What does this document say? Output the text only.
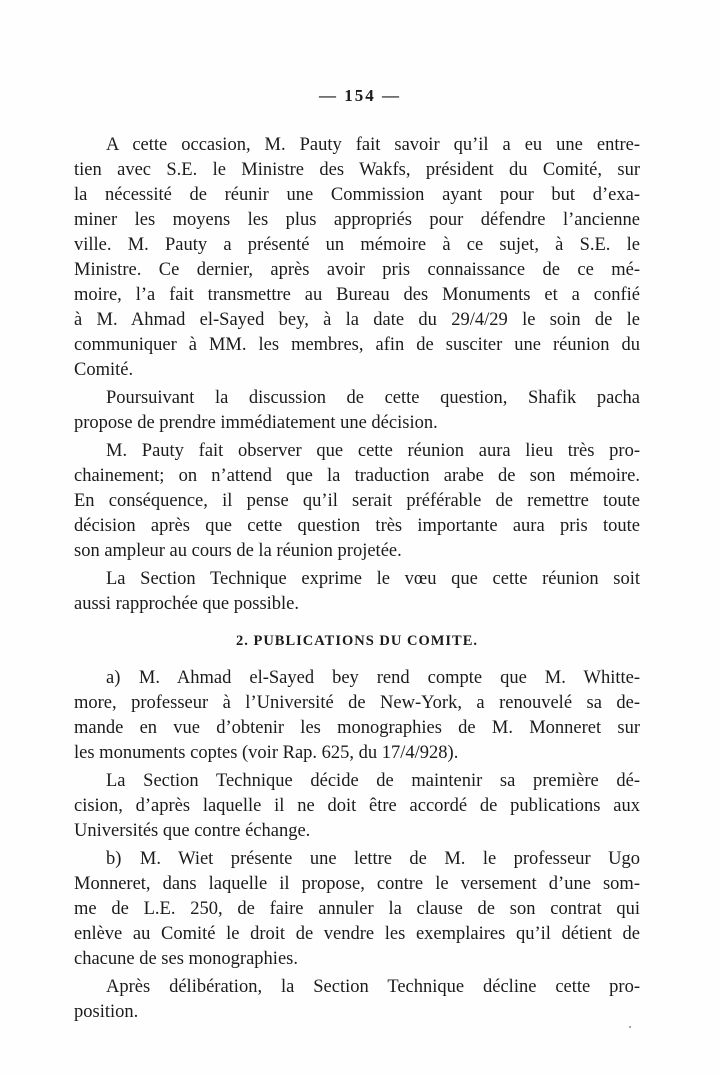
— 154 —
A cette occasion, M. Pauty fait savoir qu’il a eu une entre-
tien avec S.E. le Ministre des Wakfs, président du Comité, sur
la nécessité de réunir une Commission ayant pour but d’exa-
miner les moyens les plus appropriés pour défendre l’ancienne
ville. M. Pauty a présenté un mémoire à ce sujet, à S.E. le
Ministre. Ce dernier, après avoir pris connaissance de ce mé-
moire, l’a fait transmettre au Bureau des Monuments et a confié
à M. Ahmad el-Sayed bey, à la date du 29/4/29 le soin de le
communiquer à MM. les membres, afin de susciter une réunion du
Comité.
Poursuivant la discussion de cette question, Shafik pacha
propose de prendre immédiatement une décision.
M. Pauty fait observer que cette réunion aura lieu très pro-
chainement; on n’attend que la traduction arabe de son mémoire.
En conséquence, il pense qu’il serait préférable de remettre toute
décision après que cette question très importante aura pris toute
son ampleur au cours de la réunion projetée.
La Section Technique exprime le vœu que cette réunion soit
aussi rapprochée que possible.
2. PUBLICATIONS DU COMITE.
a) M. Ahmad el-Sayed bey rend compte que M. Whitte-
more, professeur à l’Université de New-York, a renouvelé sa de-
mande en vue d’obtenir les monographies de M. Monneret sur
les monuments coptes (voir Rap. 625, du 17/4/928).
La Section Technique décide de maintenir sa première dé-
cision, d’après laquelle il ne doit être accordé de publications aux
Universités que contre échange.
b) M. Wiet présente une lettre de M. le professeur Ugo
Monneret, dans laquelle il propose, contre le versement d’une som-
me de L.E. 250, de faire annuler la clause de son contrat qui
enlève au Comité le droit de vendre les exemplaires qu’il détient de
chacune de ses monographies.
Après délibération, la Section Technique décline cette pro-
position.
